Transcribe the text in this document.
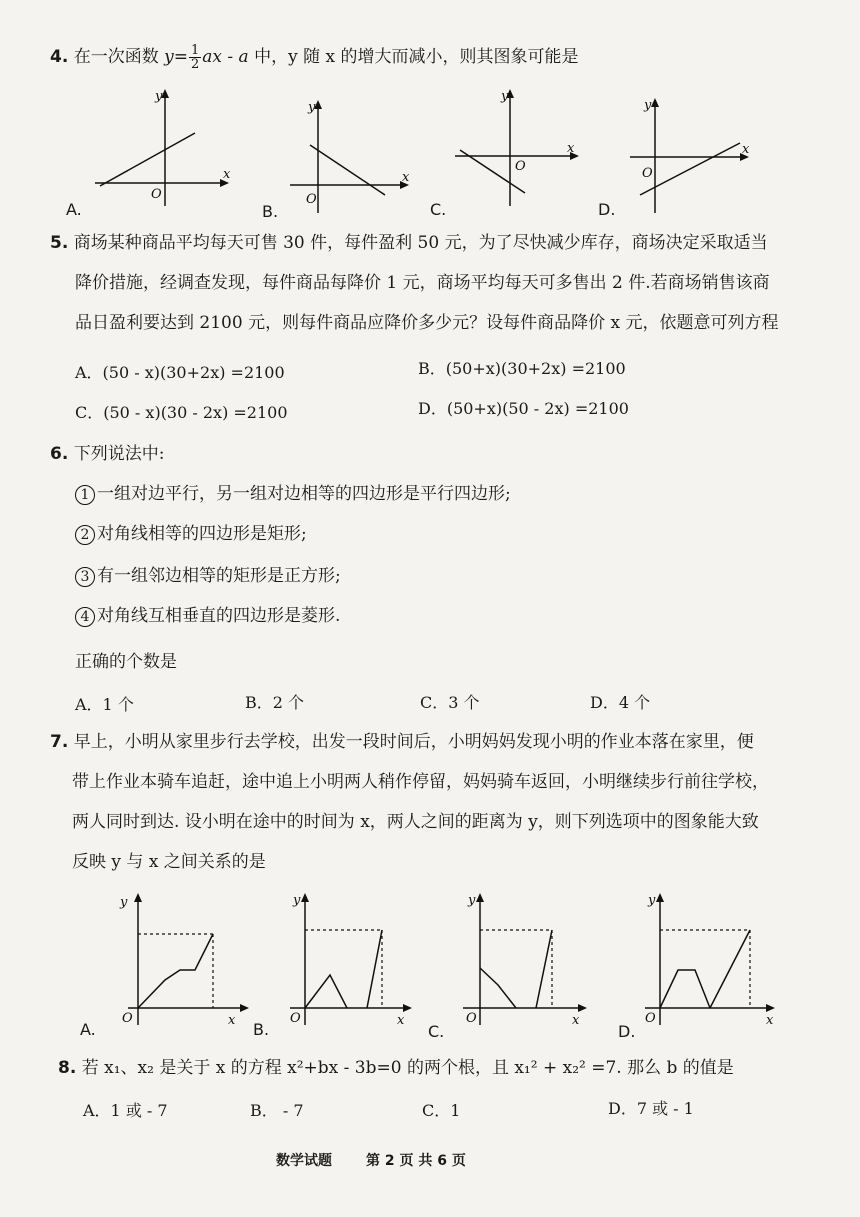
4. 在一次函数 $y= \frac{1}{2}$ ax - a 中，y 随 x 的增大而减小，则其图象可能是
y
x
O
A.
y
x
O
B.
y
x
O
C.
y
x
O
D.
5. 商场某种商品平均每天可售 30 件，每件盈利 50 元，为了尽快减少库存，商场决定采取适当
降价措施，经调查发现，每件商品每降价 1 元，商场平均每天可多售出 2 件.若商场销售该商
品日盈利要达到 2100 元，则每件商品应降价多少元？设每件商品降价 x 元，依题意可列方程
A．(50 - x)(30+2x) =2100	B．(50+x)(30+2x) =2100
C．(50 - x)(30 - 2x) =2100	D．(50+x)(50 - 2x) =2100
6. 下列说法中:
1 一组对边平行，另一组对边相等的四边形是平行四边形;
2 对角线相等的四边形是矩形;
3 有一组邻边相等的矩形是正方形;
4 对角线互相垂直的四边形是菱形.
正确的个数是
A．1 个	B．2 个	C．3 个	D．4 个
7. 早上，小明从家里步行去学校，出发一段时间后，小明妈妈发现小明的作业本落在家里，便
带上作业本骑车追赶，途中追上小明两人稍作停留，妈妈骑车返回，小明继续步行前往学校，
两人同时到达. 设小明在途中的时间为 x，两人之间的距离为 y，则下列选项中的图象能大致
反映 y 与 x 之间关系的是
y
x
O
A.
y
x
O
B.
y
x
O
C.
y
x
O
D.
8. 若 x₁、x₂ 是关于 x 的方程 x²+bx - 3b=0 的两个根，且 x₁² + x₂² =7. 那么 b 的值是
A．1 或 - 7	B． - 7	C．1	D．7 或 - 1
数学试题 第 2 页 共 6 页
